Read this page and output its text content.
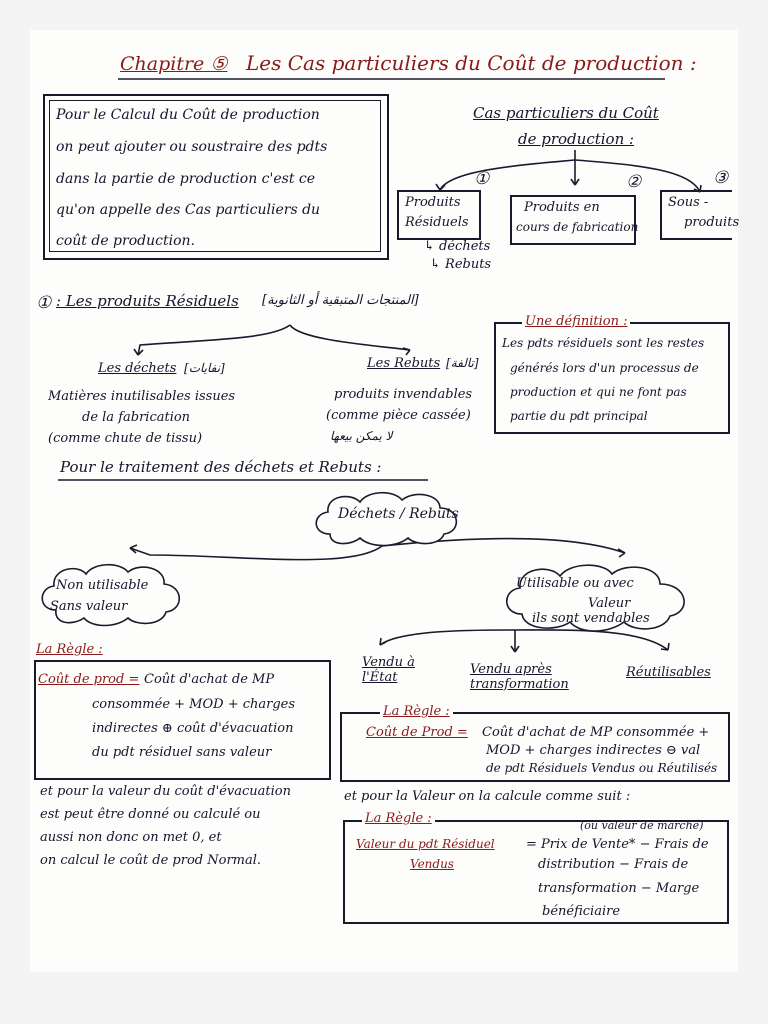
Chapitre ⑤ Les Cas particuliers du Coût de production :
Pour le Calcul du Coût de production
on peut ajouter ou soustraire des pdts
dans la partie de production c'est ce
qu'on appelle des Cas particuliers du
coût de production.
Cas particuliers du Coût
de production :
①	②	③
Produits
Résiduels
Produits en
cours de fabrication
Sous -
produits
↳ déchets
↳ Rebuts
① : Les produits Résiduels [المنتجات المتبقية أو الثانوية]
Une définition :
Les pdts résiduels sont les restes
générés lors d'un processus de
production et qui ne font pas
partie du pdt principal
Les déchets [نفايات]
Matières inutilisables issues
de la fabrication
(comme chute de tissu)
Les Rebuts [تالفة]
produits invendables
(comme pièce cassée)
لا يمكن بيعها
Pour le traitement des déchets et Rebuts :
Déchets / Rebuts
Non utilisable
Sans valeur
Utilisable ou avec
Valeur
ils sont vendables
La Règle :
Coût de prod = Coût d'achat de MP
consommée + MOD + charges
indirectes ⊕ coût d'évacuation
du pdt résiduel sans valeur
et pour la valeur du coût d'évacuation
est peut être donné ou calculé ou
aussi non donc on met 0, et
on calcul le coût de prod Normal.
Vendu à l'État
Vendu après transformation
Réutilisables
La Règle :
Coût de Prod = Coût d'achat de MP consommée +
MOD + charges indirectes ⊖ val
de pdt Résiduels Vendus ou Réutilisés
et pour la Valeur on la calcule comme suit :
La Règle :	(ou valeur de marché)
Valeur du pdt Résiduel
Vendus
= Prix de Vente* − Frais de
distribution − Frais de
transformation − Marge
bénéficiaire
